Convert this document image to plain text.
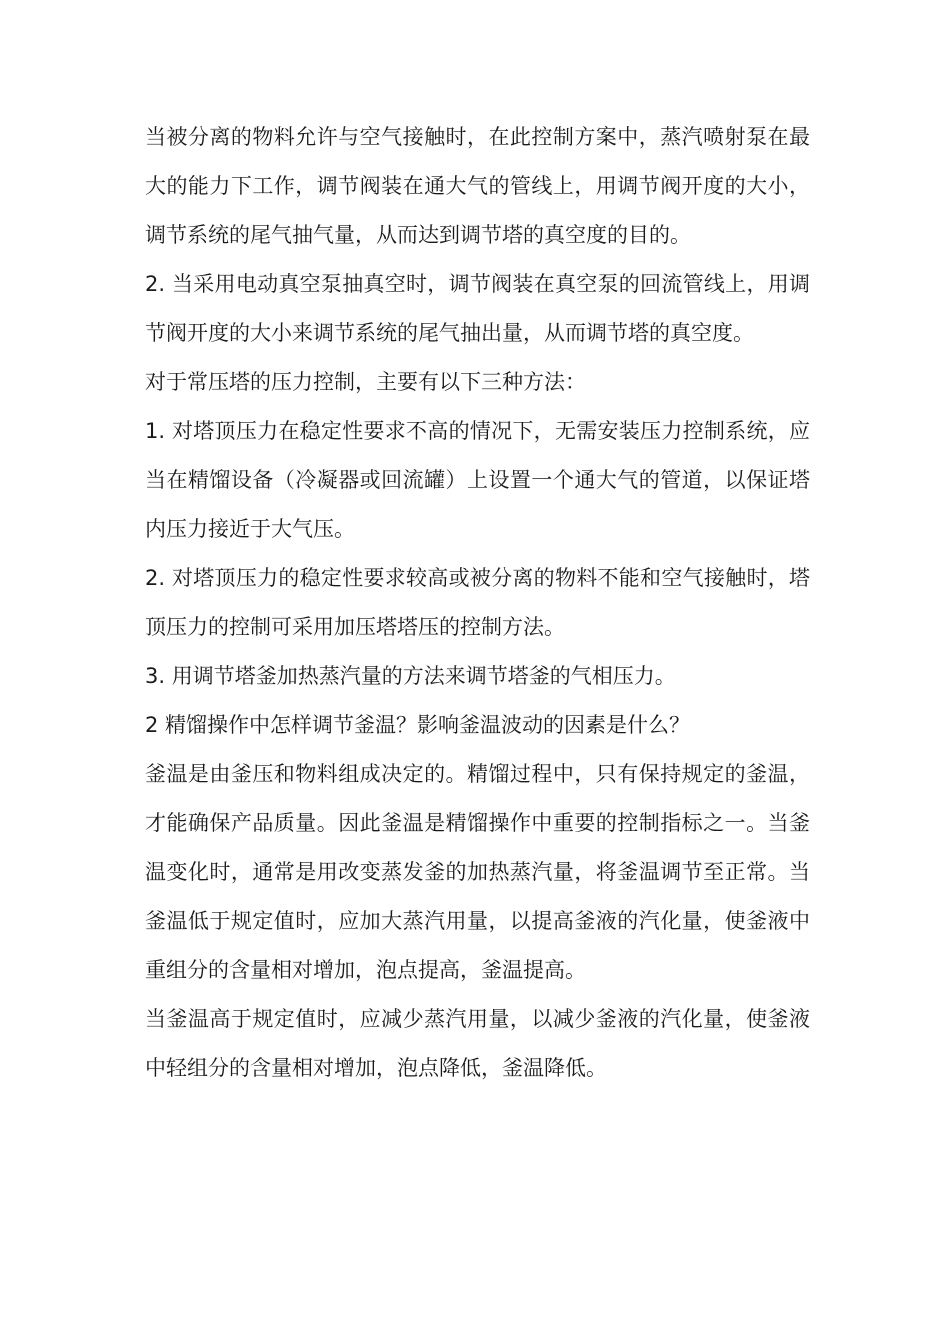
当被分离的物料允许与空气接触时，在此控制方案中，蒸汽喷射泵在最大的能力下工作，调节阀装在通大气的管线上，用调节阀开度的大小，调节系统的尾气抽气量，从而达到调节塔的真空度的目的。

2. 当采用电动真空泵抽真空时，调节阀装在真空泵的回流管线上，用调节阀开度的大小来调节系统的尾气抽出量，从而调节塔的真空度。

对于常压塔的压力控制，主要有以下三种方法：

1. 对塔顶压力在稳定性要求不高的情况下，无需安装压力控制系统，应当在精馏设备（冷凝器或回流罐）上设置一个通大气的管道，以保证塔内压力接近于大气压。

2. 对塔顶压力的稳定性要求较高或被分离的物料不能和空气接触时，塔顶压力的控制可采用加压塔塔压的控制方法。

3. 用调节塔釜加热蒸汽量的方法来调节塔釜的气相压力。

2 精馏操作中怎样调节釜温？影响釜温波动的因素是什么？

釜温是由釜压和物料组成决定的。精馏过程中，只有保持规定的釜温，才能确保产品质量。因此釜温是精馏操作中重要的控制指标之一。当釜温变化时，通常是用改变蒸发釜的加热蒸汽量，将釜温调节至正常。当釜温低于规定值时，应加大蒸汽用量，以提高釜液的汽化量，使釜液中重组分的含量相对增加，泡点提高，釜温提高。

当釜温高于规定值时，应减少蒸汽用量，以减少釜液的汽化量，使釜液中轻组分的含量相对增加，泡点降低，釜温降低。
